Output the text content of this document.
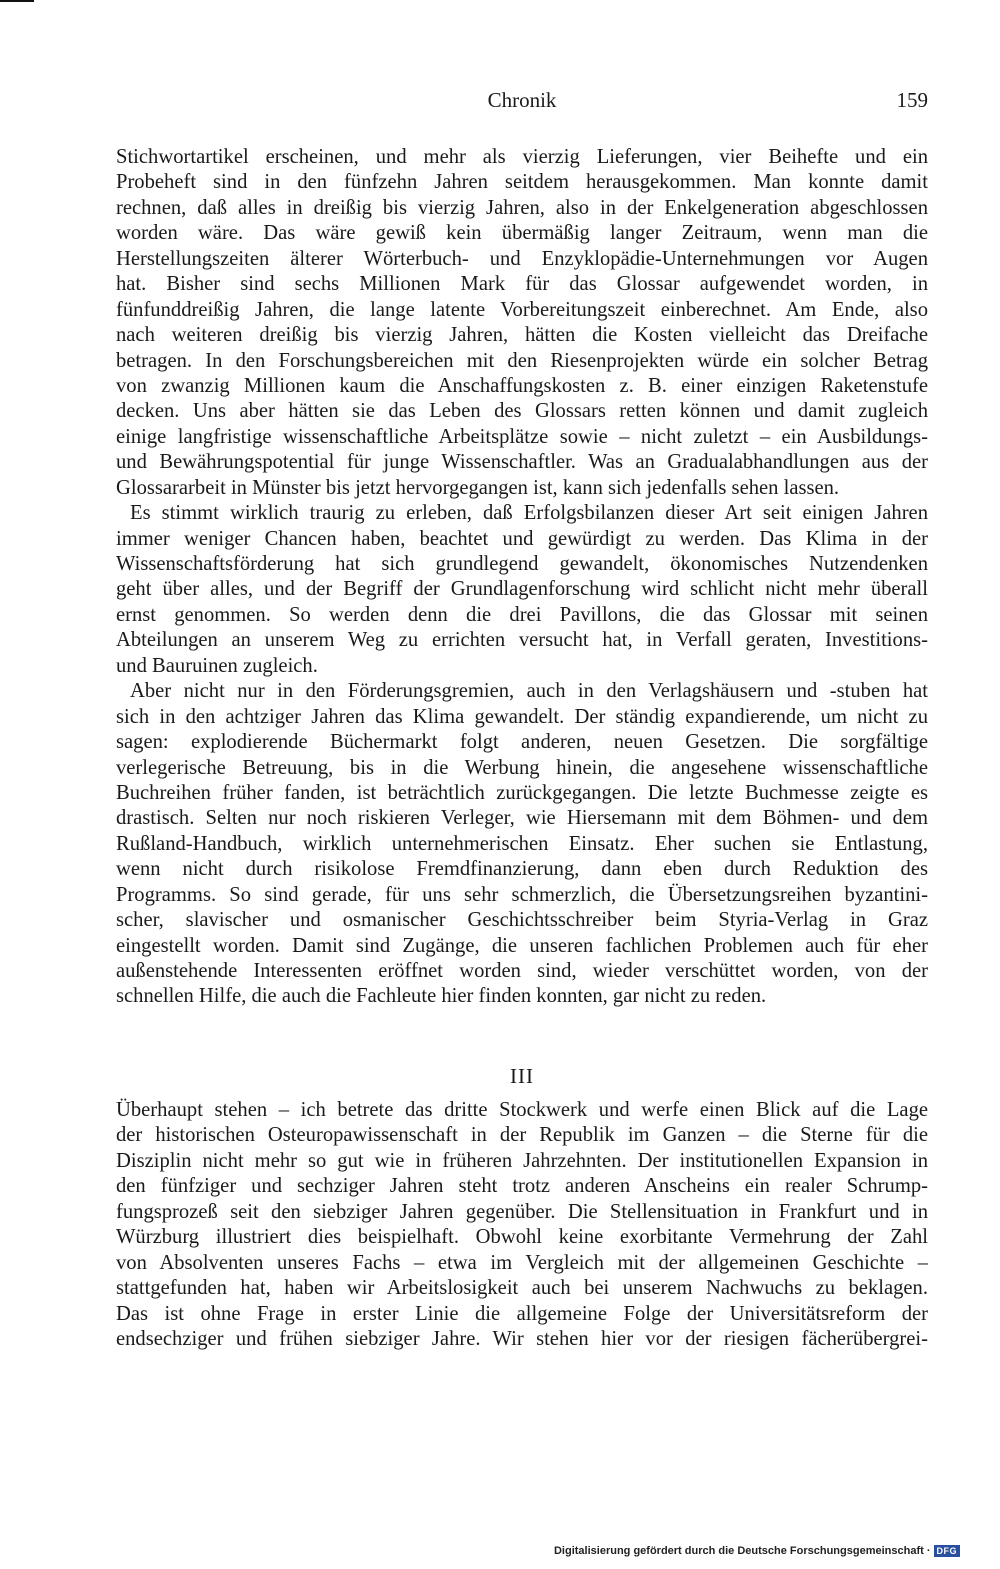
Chronik	159
Stichwortartikel erscheinen, und mehr als vierzig Lieferungen, vier Beihefte und ein
Probeheft sind in den fünfzehn Jahren seitdem herausgekommen. Man konnte damit
rechnen, daß alles in dreißig bis vierzig Jahren, also in der Enkelgeneration abgeschlossen
worden wäre. Das wäre gewiß kein übermäßig langer Zeitraum, wenn man die
Herstellungszeiten älterer Wörterbuch- und Enzyklopädie-Unternehmungen vor Augen
hat. Bisher sind sechs Millionen Mark für das Glossar aufgewendet worden, in
fünfunddreißig Jahren, die lange latente Vorbereitungszeit einberechnet. Am Ende, also
nach weiteren dreißig bis vierzig Jahren, hätten die Kosten vielleicht das Dreifache
betragen. In den Forschungsbereichen mit den Riesenprojekten würde ein solcher Betrag
von zwanzig Millionen kaum die Anschaffungskosten z. B. einer einzigen Raketenstufe
decken. Uns aber hätten sie das Leben des Glossars retten können und damit zugleich
einige langfristige wissenschaftliche Arbeitsplätze sowie – nicht zuletzt – ein Ausbildungs-
und Bewährungspotential für junge Wissenschaftler. Was an Gradualabhandlungen aus der
Glossararbeit in Münster bis jetzt hervorgegangen ist, kann sich jedenfalls sehen lassen.
Es stimmt wirklich traurig zu erleben, daß Erfolgsbilanzen dieser Art seit einigen Jahren
immer weniger Chancen haben, beachtet und gewürdigt zu werden. Das Klima in der
Wissenschaftsförderung hat sich grundlegend gewandelt, ökonomisches Nutzendenken
geht über alles, und der Begriff der Grundlagenforschung wird schlicht nicht mehr überall
ernst genommen. So werden denn die drei Pavillons, die das Glossar mit seinen
Abteilungen an unserem Weg zu errichten versucht hat, in Verfall geraten, Investitions-
und Bauruinen zugleich.
Aber nicht nur in den Förderungsgremien, auch in den Verlagshäusern und -stuben hat
sich in den achtziger Jahren das Klima gewandelt. Der ständig expandierende, um nicht zu
sagen: explodierende Büchermarkt folgt anderen, neuen Gesetzen. Die sorgfältige
verlegerische Betreuung, bis in die Werbung hinein, die angesehene wissenschaftliche
Buchreihen früher fanden, ist beträchtlich zurückgegangen. Die letzte Buchmesse zeigte es
drastisch. Selten nur noch riskieren Verleger, wie Hiersemann mit dem Böhmen- und dem
Rußland-Handbuch, wirklich unternehmerischen Einsatz. Eher suchen sie Entlastung,
wenn nicht durch risikolose Fremdfinanzierung, dann eben durch Reduktion des
Programms. So sind gerade, für uns sehr schmerzlich, die Übersetzungsreihen byzantini-
scher, slavischer und osmanischer Geschichtsschreiber beim Styria-Verlag in Graz
eingestellt worden. Damit sind Zugänge, die unseren fachlichen Problemen auch für eher
außenstehende Interessenten eröffnet worden sind, wieder verschüttet worden, von der
schnellen Hilfe, die auch die Fachleute hier finden konnten, gar nicht zu reden.
III
Überhaupt stehen – ich betrete das dritte Stockwerk und werfe einen Blick auf die Lage
der historischen Osteuropawissenschaft in der Republik im Ganzen – die Sterne für die
Disziplin nicht mehr so gut wie in früheren Jahrzehnten. Der institutionellen Expansion in
den fünfziger und sechziger Jahren steht trotz anderen Anscheins ein realer Schrump-
fungsprozeß seit den siebziger Jahren gegenüber. Die Stellensituation in Frankfurt und in
Würzburg illustriert dies beispielhaft. Obwohl keine exorbitante Vermehrung der Zahl
von Absolventen unseres Fachs – etwa im Vergleich mit der allgemeinen Geschichte –
stattgefunden hat, haben wir Arbeitslosigkeit auch bei unserem Nachwuchs zu beklagen.
Das ist ohne Frage in erster Linie die allgemeine Folge der Universitätsreform der
endsechziger und frühen siebziger Jahre. Wir stehen hier vor der riesigen fächerübergrei-
Digitalisierung gefördert durch die Deutsche Forschungsgemeinschaft · DFG
